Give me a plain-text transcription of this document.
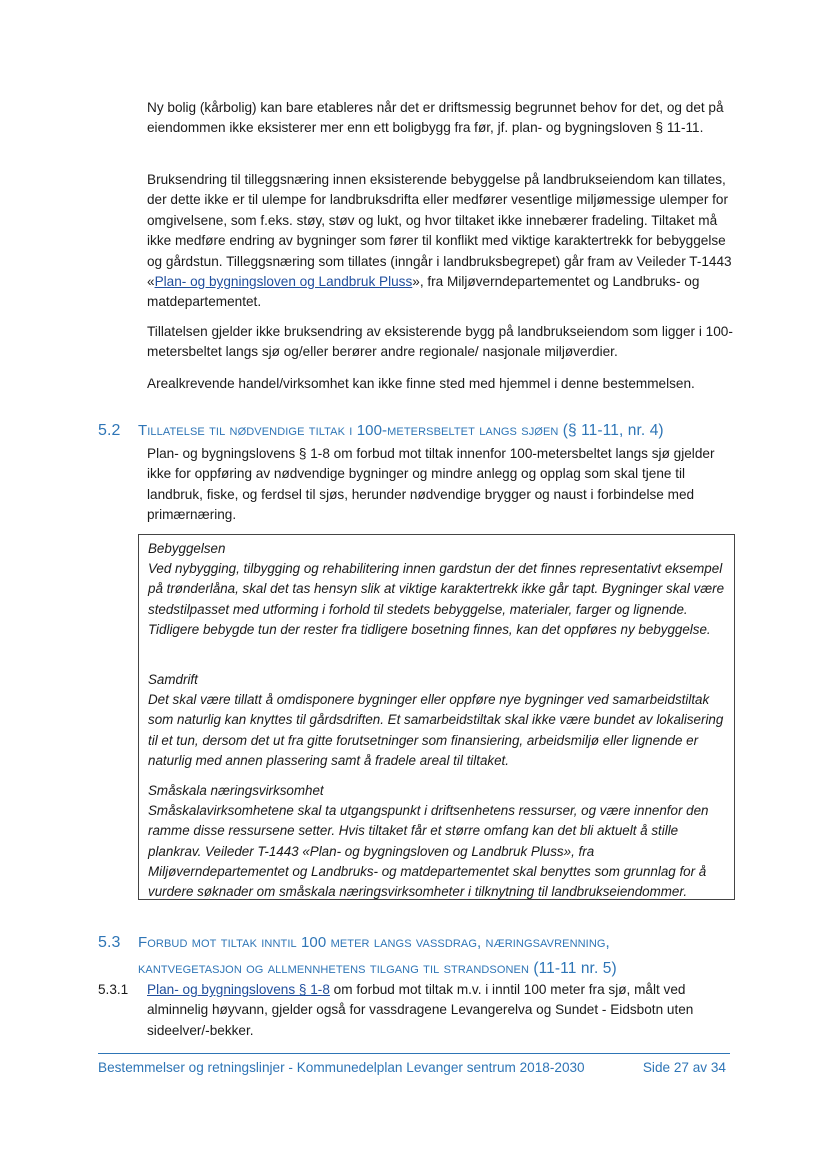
Ny bolig (kårbolig) kan bare etableres når det er driftsmessig begrunnet behov for det, og det på eiendommen ikke eksisterer mer enn ett boligbygg fra før, jf. plan- og bygningsloven § 11-11.

Bruksendring til tilleggsnæring innen eksisterende bebyggelse på landbrukseiendom kan tillates, der dette ikke er til ulempe for landbruksdrifta eller medfører vesentlige miljømessige ulemper for omgivelsene, som f.eks. støy, støv og lukt, og hvor tiltaket ikke innebærer fradeling. Tiltaket må ikke medføre endring av bygninger som fører til konflikt med viktige karaktertrekk for bebyggelse og gårdstun. Tilleggsnæring som tillates (inngår i landbruksbegrepet) går fram av Veileder T-1443 «Plan- og bygningsloven og Landbruk Pluss», fra Miljøverndepartementet og Landbruks- og matdepartementet.

Tillatelsen gjelder ikke bruksendring av eksisterende bygg på landbrukseiendom som ligger i 100-metersbeltet langs sjø og/eller berører andre regionale/ nasjonale miljøverdier.

Arealkrevende handel/virksomhet kan ikke finne sted med hjemmel i denne bestemmelsen.

5.2 Tillatelse til nødvendige tiltak i 100-metersbeltet langs sjøen (§ 11-11, nr. 4)

Plan- og bygningslovens § 1-8 om forbud mot tiltak innenfor 100-metersbeltet langs sjø gjelder ikke for oppføring av nødvendige bygninger og mindre anlegg og opplag som skal tjene til landbruk, fiske, og ferdsel til sjøs, herunder nødvendige brygger og naust i forbindelse med primærnæring.

Bebyggelsen
Ved nybygging, tilbygging og rehabilitering innen gardstun der det finnes representativt eksempel på trønderlåna, skal det tas hensyn slik at viktige karaktertrekk ikke går tapt. Bygninger skal være stedstilpasset med utforming i forhold til stedets bebyggelse, materialer, farger og lignende. Tidligere bebygde tun der rester fra tidligere bosetning finnes, kan det oppføres ny bebyggelse.

Samdrift
Det skal være tillatt å omdisponere bygninger eller oppføre nye bygninger ved samarbeidstiltak som naturlig kan knyttes til gårdsdriften. Et samarbeidstiltak skal ikke være bundet av lokalisering til et tun, dersom det ut fra gitte forutsetninger som finansiering, arbeidsmiljø eller lignende er naturlig med annen plassering samt å fradele areal til tiltaket.

Småskala næringsvirksomhet
Småskalavirksomhetene skal ta utgangspunkt i driftsenhetens ressurser, og være innenfor den ramme disse ressursene setter. Hvis tiltaket får et større omfang kan det bli aktuelt å stille plankrav. Veileder T-1443 «Plan- og bygningsloven og Landbruk Pluss», fra Miljøverndepartementet og Landbruks- og matdepartementet skal benyttes som grunnlag for å vurdere søknader om småskala næringsvirksomheter i tilknytning til landbrukseiendommer.

5.3 Forbud mot tiltak inntil 100 meter langs vassdrag, næringsavrenning,
kantvegetasjon og allmennhetens tilgang til strandsonen (11-11 nr. 5)
5.3.1	Plan- og bygningslovens § 1-8 om forbud mot tiltak m.v. i inntil 100 meter fra sjø, målt ved alminnelig høyvann, gjelder også for vassdragene Levangerelva og Sundet - Eidsbotn uten sideelver/-bekker.
Bestemmelser og retningslinjer - Kommunedelplan Levanger sentrum 2018-2030	Side 27 av 34
